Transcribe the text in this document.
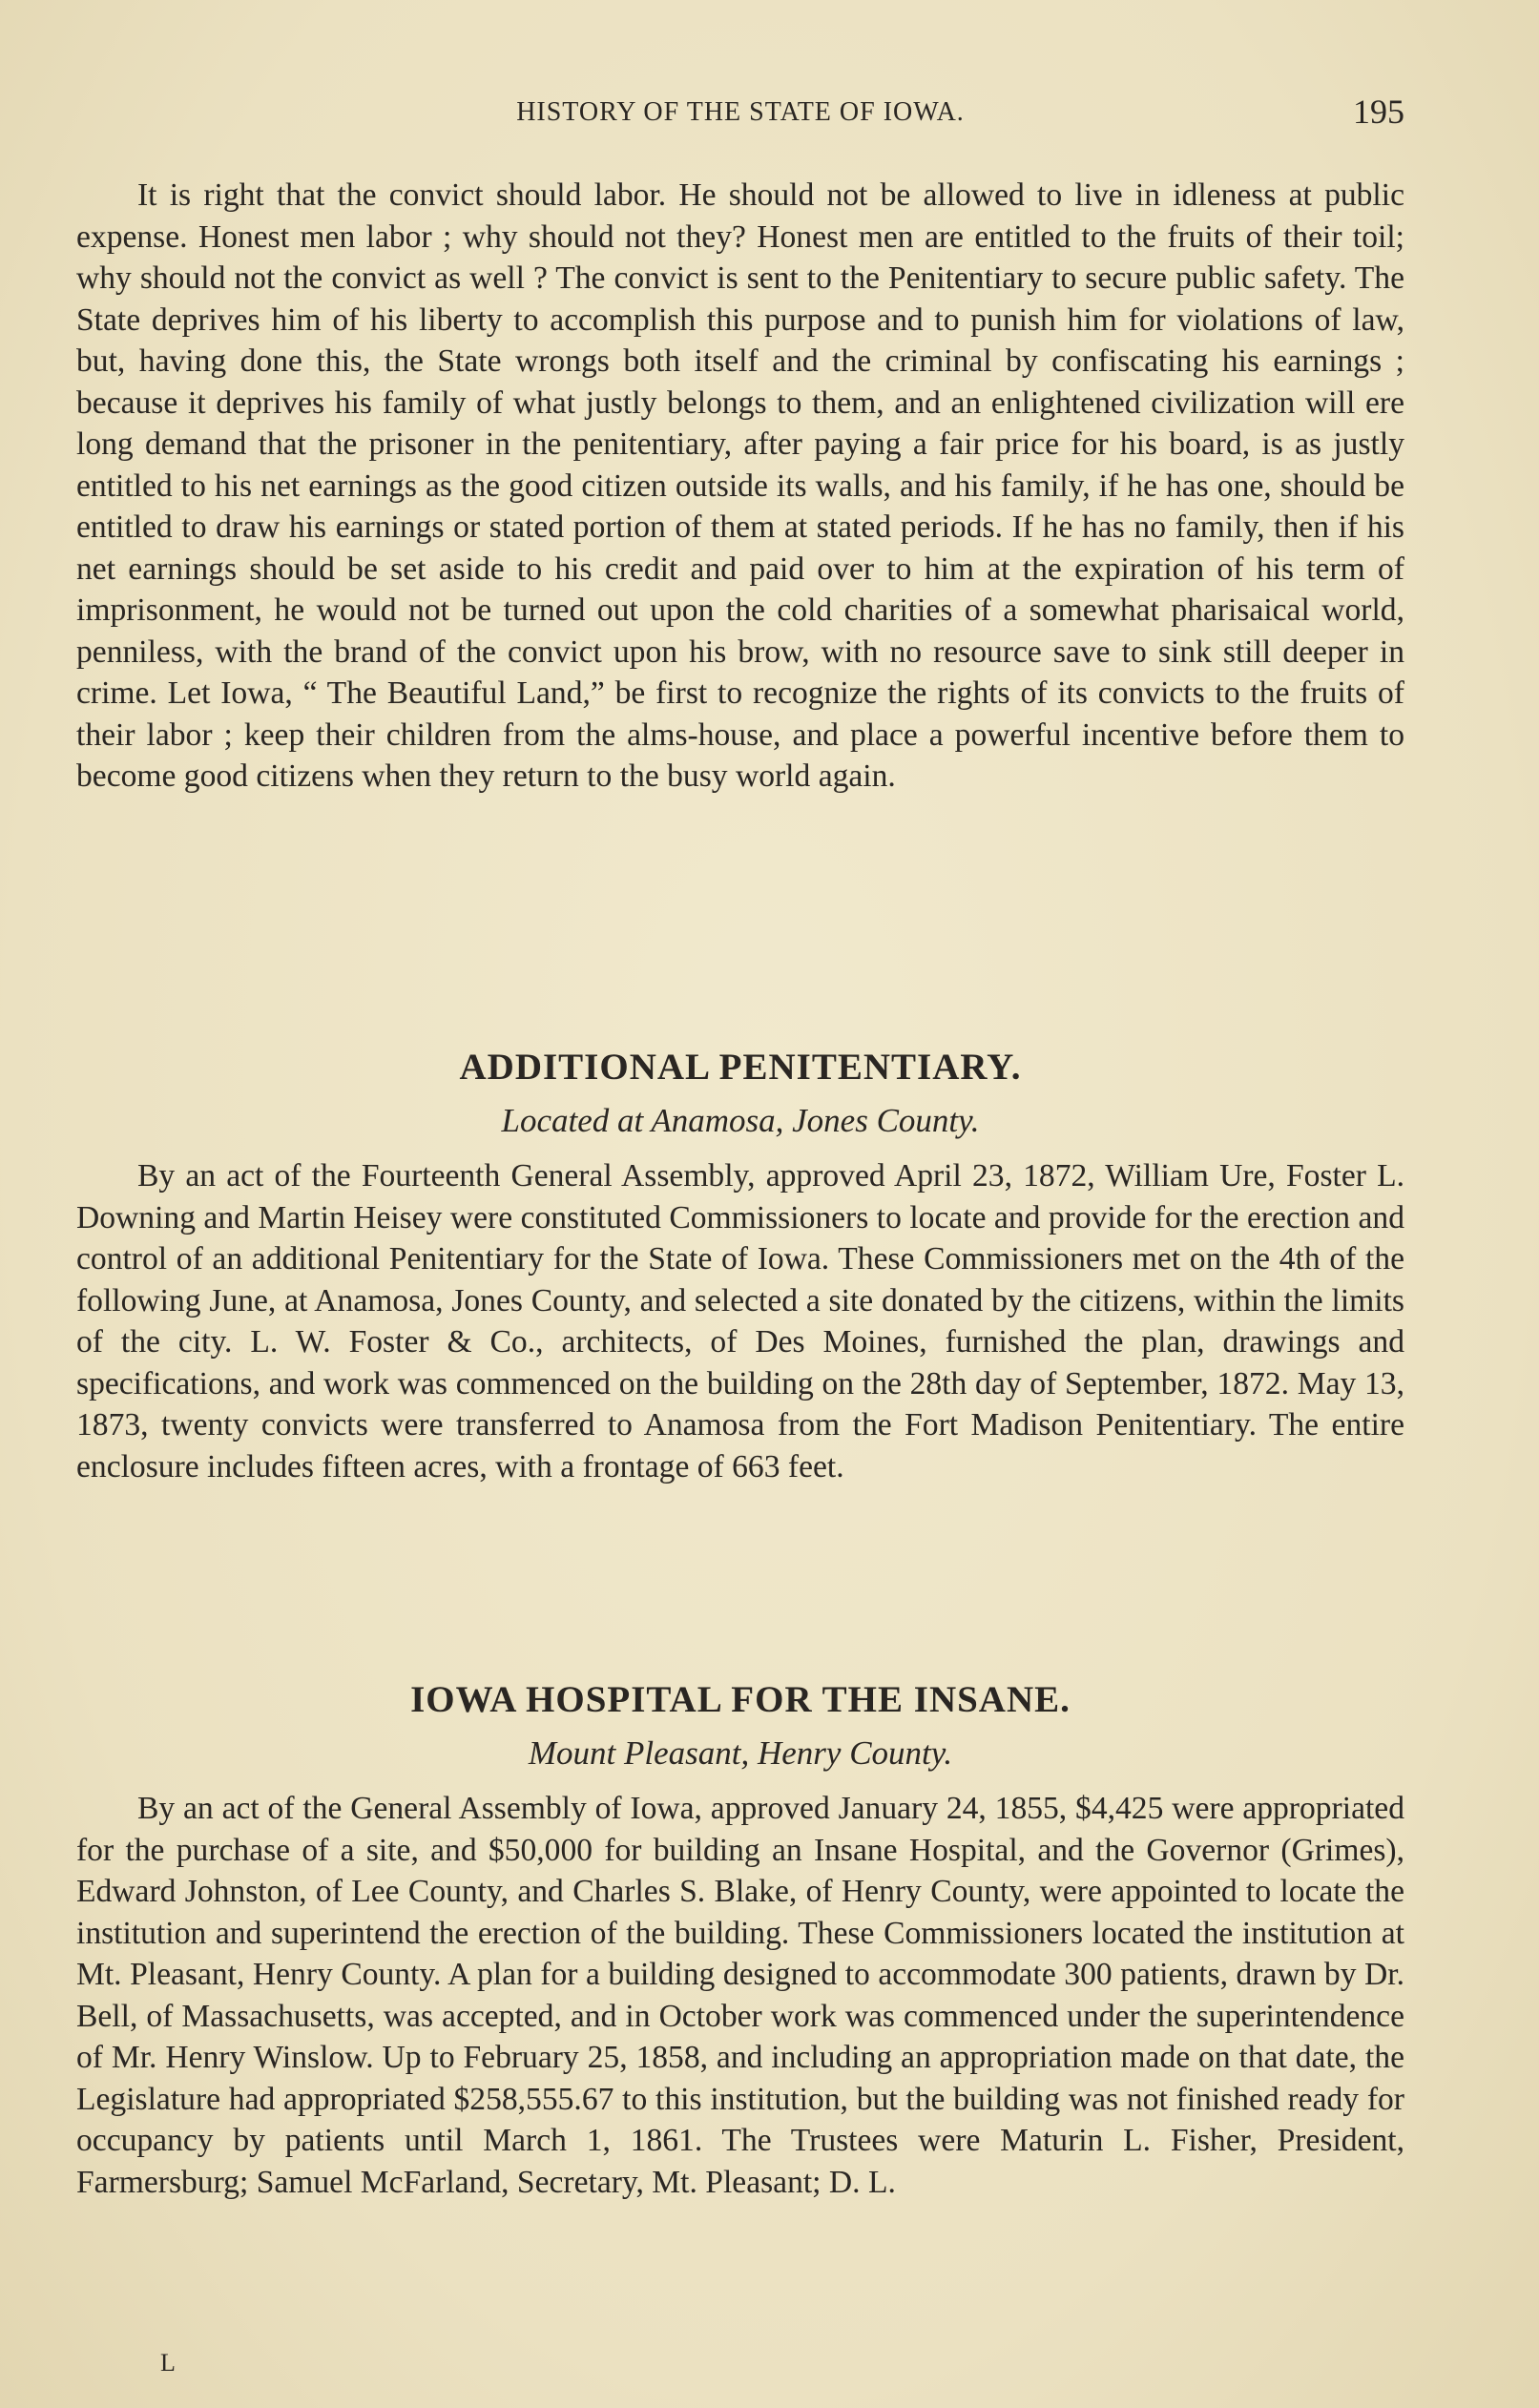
HISTORY OF THE STATE OF IOWA.	195

It is right that the convict should labor. He should not be allowed to live in idleness at public expense. Honest men labor ; why should not they? Honest men are entitled to the fruits of their toil; why should not the convict as well ? The convict is sent to the Penitentiary to secure public safety. The State deprives him of his liberty to accomplish this purpose and to punish him for violations of law, but, having done this, the State wrongs both itself and the criminal by confiscating his earnings ; because it deprives his family of what justly belongs to them, and an enlightened civilization will ere long demand that the prisoner in the penitentiary, after paying a fair price for his board, is as justly entitled to his net earnings as the good citizen outside its walls, and his family, if he has one, should be entitled to draw his earnings or stated portion of them at stated periods. If he has no family, then if his net earnings should be set aside to his credit and paid over to him at the expiration of his term of imprisonment, he would not be turned out upon the cold charities of a somewhat pharisaical world, penniless, with the brand of the convict upon his brow, with no resource save to sink still deeper in crime. Let Iowa, “ The Beautiful Land,” be first to recognize the rights of its convicts to the fruits of their labor ; keep their children from the alms-house, and place a powerful incentive before them to become good citizens when they return to the busy world again.

ADDITIONAL PENITENTIARY.
Located at Anamosa, Jones County.

By an act of the Fourteenth General Assembly, approved April 23, 1872, William Ure, Foster L. Downing and Martin Heisey were constituted Commissioners to locate and provide for the erection and control of an additional Penitentiary for the State of Iowa. These Commissioners met on the 4th of the following June, at Anamosa, Jones County, and selected a site donated by the citizens, within the limits of the city. L. W. Foster & Co., architects, of Des Moines, furnished the plan, drawings and specifications, and work was commenced on the building on the 28th day of September, 1872. May 13, 1873, twenty convicts were transferred to Anamosa from the Fort Madison Penitentiary. The entire enclosure includes fifteen acres, with a frontage of 663 feet.

IOWA HOSPITAL FOR THE INSANE.
Mount Pleasant, Henry County.

By an act of the General Assembly of Iowa, approved January 24, 1855, $4,425 were appropriated for the purchase of a site, and $50,000 for building an Insane Hospital, and the Governor (Grimes), Edward Johnston, of Lee County, and Charles S. Blake, of Henry County, were appointed to locate the institution and superintend the erection of the building. These Commissioners located the institution at Mt. Pleasant, Henry County. A plan for a building designed to accommodate 300 patients, drawn by Dr. Bell, of Massachusetts, was accepted, and in October work was commenced under the superintendence of Mr. Henry Winslow. Up to February 25, 1858, and including an appropriation made on that date, the Legislature had appropriated $258,555.67 to this institution, but the building was not finished ready for occupancy by patients until March 1, 1861. The Trustees were Maturin L. Fisher, President, Farmersburg; Samuel McFarland, Secretary, Mt. Pleasant; D. L.

L
